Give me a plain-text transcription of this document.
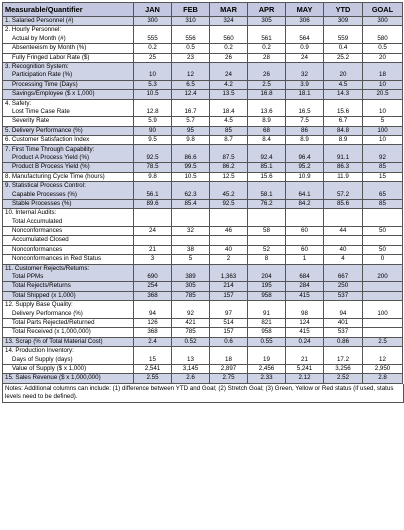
Measurable/Quantifier	JAN	FEB	MAR	APR	MAY	YTD	GOAL
1. Salaried Personnel (#)	300	310	324	305	306	309	300
2. Hourly Personnel:							
Actual by Month (#)	555	556	560	561	564	559	580
Absenteeism by Month (%)	0.2	0.5	0.2	0.2	0.9	0.4	0.5
Fully Fringed Labor Rate ($)	25	23	26	28	24	25.2	20
3. Recognition System:							
Participation Rate (%)	10	12	24	26	32	20	18
Processing Time (Days)	5.3	6.5	4.2	2.5	3.9	4.5	10
Savings/Employee ($ x 1,000)	10.5	12.4	13.5	16.8	18.1	14.3	20.5
4. Safety:							
Lost Time Case Rate	12.8	16.7	18.4	13.6	16.5	15.6	10
Severity Rate	5.9	5.7	4.5	8.9	7.5	6.7	5
5. Delivery Performance (%)	90	95	85	68	86	84.8	100
6. Customer Satisfaction Index	9.5	9.8	8.7	8.4	8.9	8.9	10
7. First Time Through Capability:							
Product A Process Yield (%)	92.5	86.6	87.5	92.4	96.4	91.1	92
Product B Process Yield (%)	78.5	99.5	86.2	85.1	95.2	86.3	85
8. Manufacturing Cycle Time (hours)	9.8	10.5	12.5	15.6	10.9	11.9	15
9. Statistical Process Control:							
Capable Processes (%)	56.1	62.3	45.2	58.1	64.1	57.2	65
Stable Processes (%)	89.6	85.4	92.5	76.2	84.2	85.6	85
10. Internal Audits:							
Total Accumulated							
Nonconformances	24	32	46	58	60	44	50
Accumulated Closed							
Nonconformances	21	38	40	52	60	40	50
Nonconformances in Red Status	3	5	2	8	1	4	0
11. Customer Rejects/Returns:							
Total PPMs	690	389	1,363	204	684	667	200
Total Rejects/Returns	254	305	214	195	284	250	
Total Shipped (x 1,000)	368	785	157	958	415	537	
12. Supply Base Quality:							
Delivery Performance (%)	94	92	97	91	98	94	100
Total Parts Rejected/Returned	126	421	514	821	124	401	
Total Received (x 1,000,000)	368	785	157	958	415	537	
13. Scrap (% of Total Material Cost)	2.4	0.52	0.6	0.55	0.24	0.86	2.5
14. Production Inventory:							
Days of Supply (days)	15	13	18	19	21	17.2	12
Value of Supply ($ x 1,000)	2,541	3,145	2,897	2,456	5,241	3,256	2,950
15. Sales Revenue ($ x 1,000,000)	2.55	2.6	2.75	2.33	2.12	2.52	2.8
Notes: Additional columns can include: (1) difference between YTD and Goal; (2) Stretch Goal; (3) Green, Yellow or Red status (if used, status levels need to be defined).
